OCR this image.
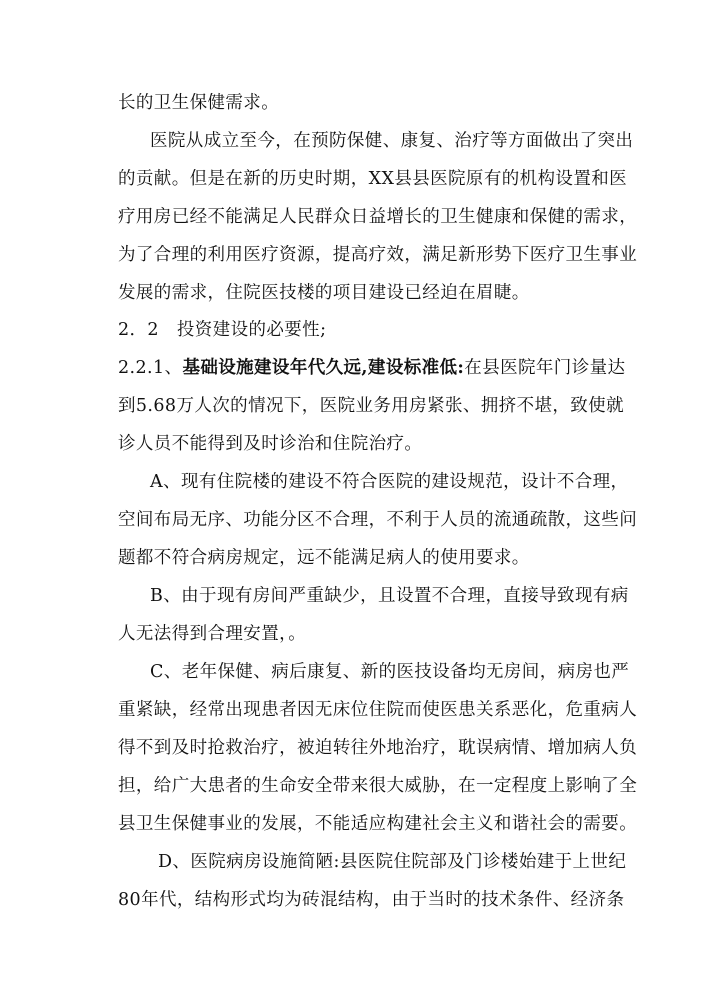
长的卫生保健需求。
医院从成立至今，在预防保健、康复、治疗等方面做出了突出
的贡献。但是在新的历史时期，XX县县医院原有的机构设置和医
疗用房已经不能满足人民群众日益增长的卫生健康和保健的需求，
为了合理的利用医疗资源，提高疗效，满足新形势下医疗卫生事业
发展的需求，住院医技楼的项目建设已经迫在眉睫。
2．2　投资建设的必要性;
2.2.1、基础设施建设年代久远,建设标准低:在县医院年门诊量达
到5.68万人次的情况下，医院业务用房紧张、拥挤不堪，致使就
诊人员不能得到及时诊治和住院治疗。
A、现有住院楼的建设不符合医院的建设规范，设计不合理，
空间布局无序、功能分区不合理，不利于人员的流通疏散，这些问
题都不符合病房规定，远不能满足病人的使用要求。
B、由于现有房间严重缺少，且设置不合理，直接导致现有病
人无法得到合理安置，。
C、老年保健、病后康复、新的医技设备均无房间，病房也严
重紧缺，经常出现患者因无床位住院而使医患关系恶化，危重病人
得不到及时抢救治疗，被迫转往外地治疗，耽误病情、增加病人负
担，给广大患者的生命安全带来很大威胁，在一定程度上影响了全
县卫生保健事业的发展，不能适应构建社会主义和谐社会的需要。
D、医院病房设施简陋:县医院住院部及门诊楼始建于上世纪
80年代，结构形式均为砖混结构，由于当时的技术条件、经济条
